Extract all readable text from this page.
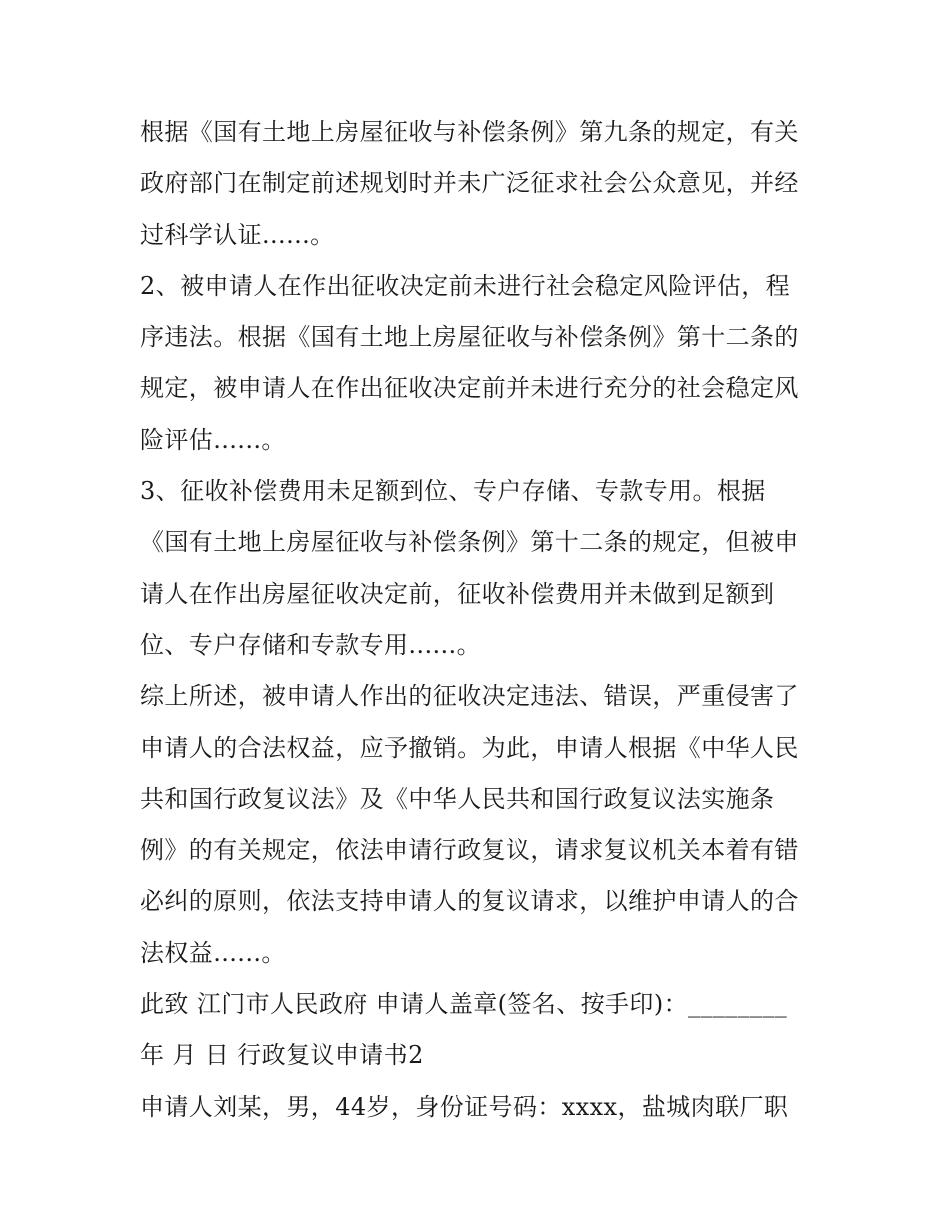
根据《国有土地上房屋征收与补偿条例》第九条的规定，有关
政府部门在制定前述规划时并未广泛征求社会公众意见，并经
过科学认证......。
2、被申请人在作出征收决定前未进行社会稳定风险评估，程
序违法。根据《国有土地上房屋征收与补偿条例》第十二条的
规定，被申请人在作出征收决定前并未进行充分的社会稳定风
险评估......。
3、征收补偿费用未足额到位、专户存储、专款专用。根据
《国有土地上房屋征收与补偿条例》第十二条的规定，但被申
请人在作出房屋征收决定前，征收补偿费用并未做到足额到
位、专户存储和专款专用......。
综上所述，被申请人作出的征收决定违法、错误，严重侵害了
申请人的合法权益，应予撤销。为此，申请人根据《中华人民
共和国行政复议法》及《中华人民共和国行政复议法实施条
例》的有关规定，依法申请行政复议，请求复议机关本着有错
必纠的原则，依法支持申请人的复议请求，以维护申请人的合
法权益......。
此致 江门市人民政府 申请人盖章(签名、按手印)：________
年 月 日 行政复议申请书2
申请人刘某，男，44岁，身份证号码：xxxx，盐城肉联厂职
